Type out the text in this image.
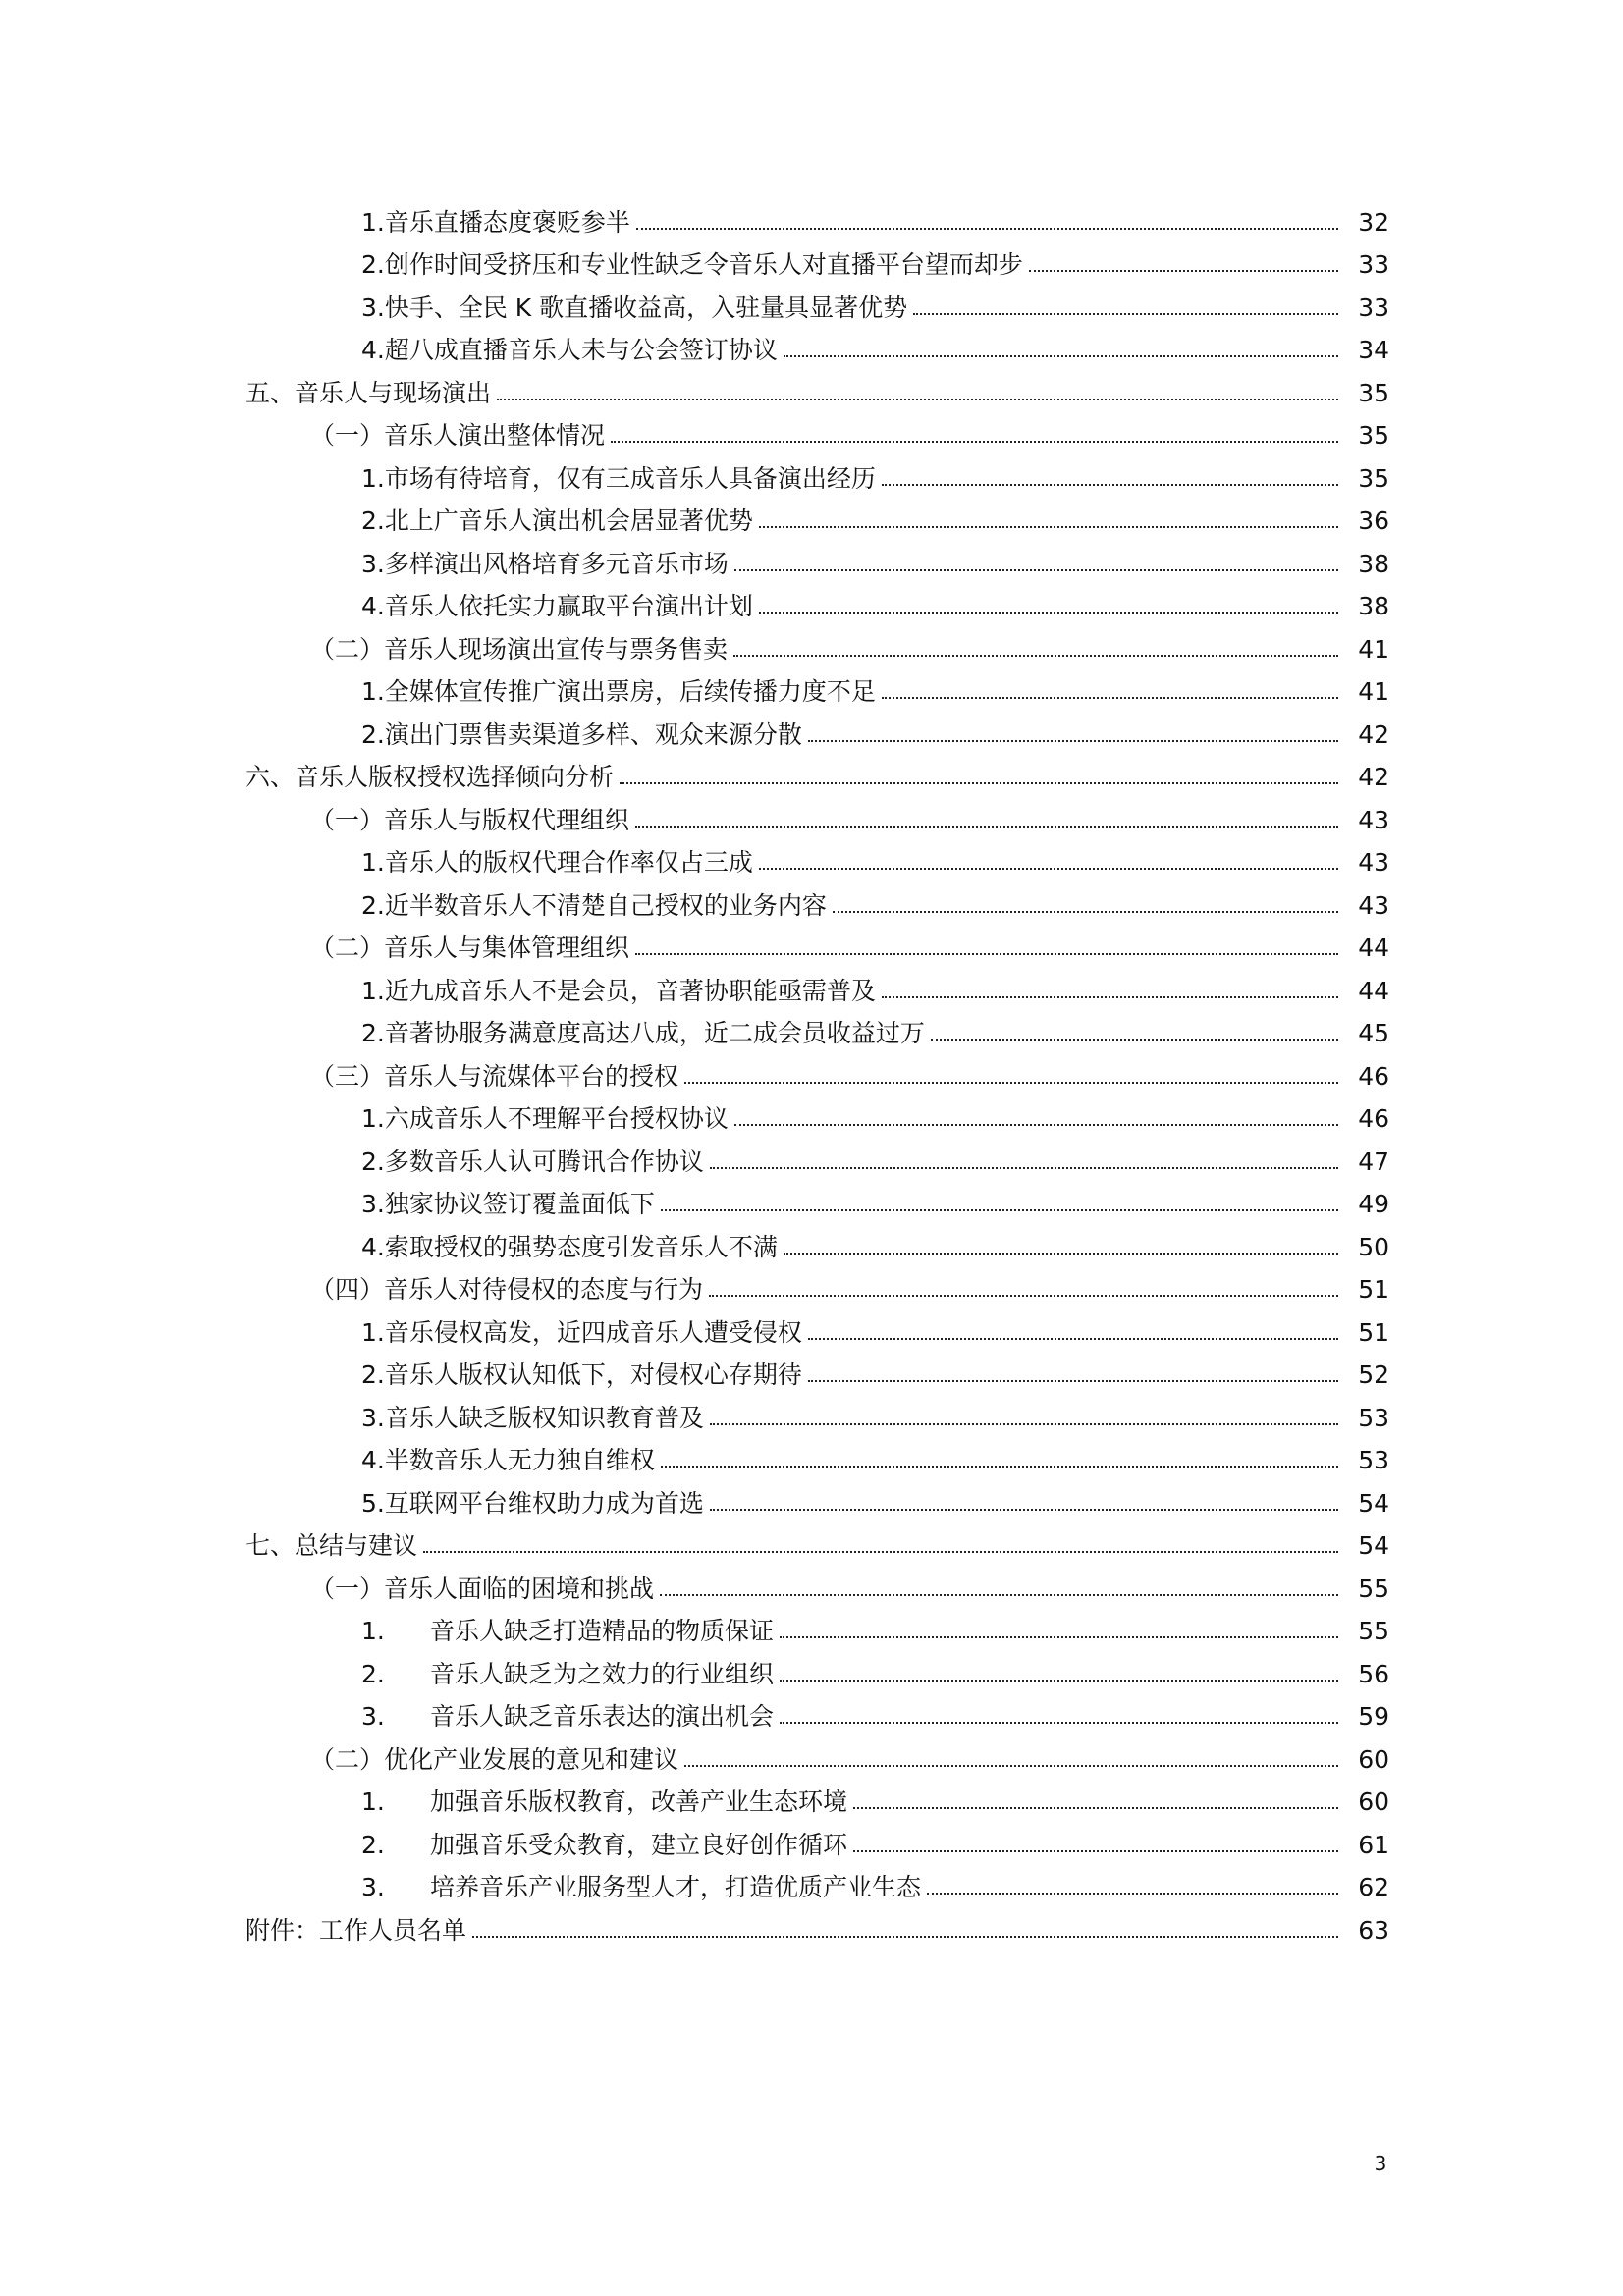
1. 音乐直播态度褒贬参半	32
2. 创作时间受挤压和专业性缺乏令音乐人对直播平台望而却步	33
3. 快手、全民 K 歌直播收益高，入驻量具显著优势	33
4. 超八成直播音乐人未与公会签订协议	34
五、 音乐人与现场演出	35
（一） 音乐人演出整体情况	35
1. 市场有待培育，仅有三成音乐人具备演出经历	35
2. 北上广音乐人演出机会居显著优势	36
3. 多样演出风格培育多元音乐市场	38
4. 音乐人依托实力赢取平台演出计划	38
（二） 音乐人现场演出宣传与票务售卖	41
1. 全媒体宣传推广演出票房，后续传播力度不足	41
2. 演出门票售卖渠道多样、观众来源分散	42
六、 音乐人版权授权选择倾向分析	42
（一） 音乐人与版权代理组织	43
1. 音乐人的版权代理合作率仅占三成	43
2. 近半数音乐人不清楚自己授权的业务内容	43
（二） 音乐人与集体管理组织	44
1. 近九成音乐人不是会员，音著协职能亟需普及	44
2. 音著协服务满意度高达八成，近二成会员收益过万	45
（三） 音乐人与流媒体平台的授权	46
1. 六成音乐人不理解平台授权协议	46
2. 多数音乐人认可腾讯合作协议	47
3. 独家协议签订覆盖面低下	49
4. 索取授权的强势态度引发音乐人不满	50
（四） 音乐人对待侵权的态度与行为	51
1. 音乐侵权高发，近四成音乐人遭受侵权	51
2. 音乐人版权认知低下，对侵权心存期待	52
3. 音乐人缺乏版权知识教育普及	53
4. 半数音乐人无力独自维权	53
5. 互联网平台维权助力成为首选	54
七、 总结与建议	54
（一） 音乐人面临的困境和挑战	55
1.	音乐人缺乏打造精品的物质保证	55
2.	音乐人缺乏为之效力的行业组织	56
3.	音乐人缺乏音乐表达的演出机会	59
（二） 优化产业发展的意见和建议	60
1.	加强音乐版权教育，改善产业生态环境	60
2.	加强音乐受众教育，建立良好创作循环	61
3.	培养音乐产业服务型人才，打造优质产业生态	62
附件： 工作人员名单	63
3
